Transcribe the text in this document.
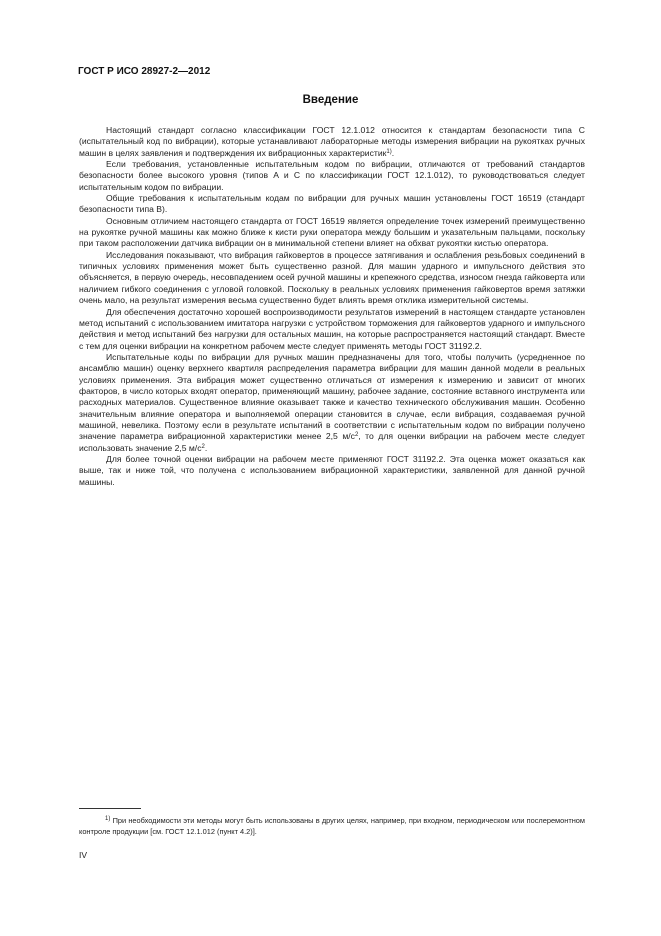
ГОСТ Р ИСО 28927-2—2012
Введение

Настоящий стандарт согласно классификации ГОСТ 12.1.012 относится к стандартам безопасности типа C (испытательный код по вибрации), которые устанавливают лабораторные методы измерения вибрации на рукоятках ручных машин в целях заявления и подтверждения их вибрационных характеристик$^{1)}$.

Если требования, установленные испытательным кодом по вибрации, отличаются от требований стандартов безопасности более высокого уровня (типов A и C по классификации ГОСТ 12.1.012), то руководствоваться следует испытательным кодом по вибрации.

Общие требования к испытательным кодам по вибрации для ручных машин установлены ГОСТ 16519 (стандарт безопасности типа B).

Основным отличием настоящего стандарта от ГОСТ 16519 является определение точек измерений преимущественно на рукоятке ручной машины как можно ближе к кисти руки оператора между большим и указательным пальцами, поскольку при таком расположении датчика вибрации он в минимальной степени влияет на обхват рукоятки кистью оператора.

Исследования показывают, что вибрация гайковертов в процессе затягивания и ослабления резьбовых соединений в типичных условиях применения может быть существенно разной. Для машин ударного и импульсного действия это объясняется, в первую очередь, несовпадением осей ручной машины и крепежного средства, износом гнезда гайковерта или наличием гибкого соединения с угловой головкой. Поскольку в реальных условиях применения гайковертов время затяжки очень мало, на результат измерения весьма существенно будет влиять время отклика измерительной системы.

Для обеспечения достаточно хорошей воспроизводимости результатов измерений в настоящем стандарте установлен метод испытаний с использованием имитатора нагрузки с устройством торможения для гайковертов ударного и импульсного действия и метод испытаний без нагрузки для остальных машин, на которые распространяется настоящий стандарт. Вместе с тем для оценки вибрации на конкретном рабочем месте следует применять методы ГОСТ 31192.2.

Испытательные коды по вибрации для ручных машин предназначены для того, чтобы получить (усредненное по ансамблю машин) оценку верхнего квартиля распределения параметра вибрации для машин данной модели в реальных условиях применения. Эта вибрация может существенно отличаться от измерения к измерению и зависит от многих факторов, в число которых входят оператор, применяющий машину, рабочее задание, состояние вставного инструмента или расходных материалов. Существенное влияние оказывает также и качество технического обслуживания машин. Особенно значительным влияние оператора и выполняемой операции становится в случае, если вибрация, создаваемая ручной машиной, невелика. Поэтому если в результате испытаний в соответствии с испытательным кодом по вибрации получено значение параметра вибрационной характеристики менее 2,5 $м/с^2$, то для оценки вибрации на рабочем месте следует использовать значение 2,5 $м/с^2$.

Для более точной оценки вибрации на рабочем месте применяют ГОСТ 31192.2. Эта оценка может оказаться как выше, так и ниже той, что получена с использованием вибрационной характеристики, заявленной для данной ручной машины.

$^{1)}$ При необходимости эти методы могут быть использованы в других целях, например, при входном, периодическом или послеремонтном контроле продукции [см. ГОСТ 12.1.012 (пункт 4.2)].

IV
